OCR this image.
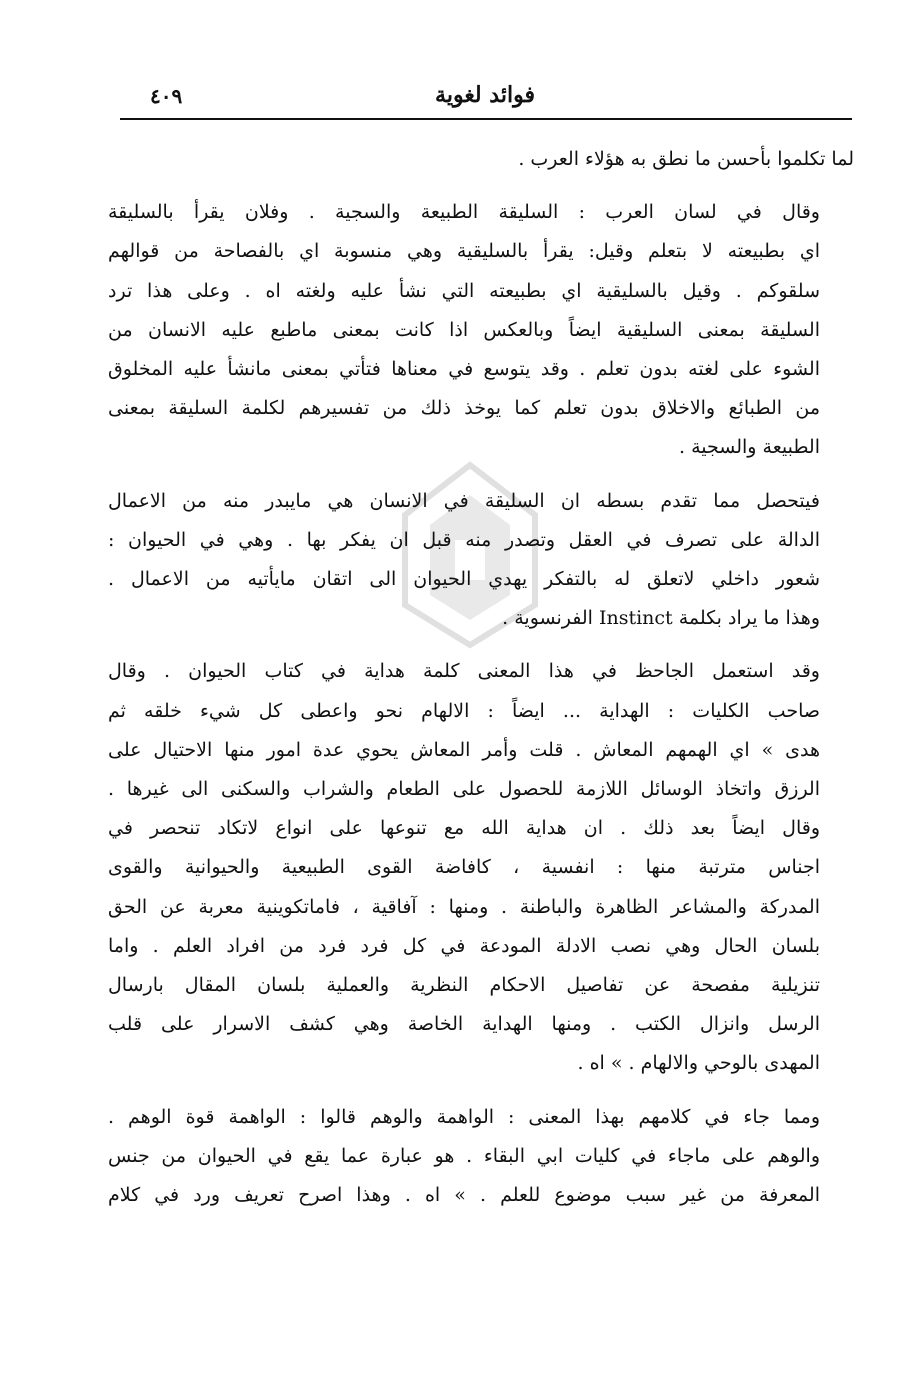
فوائد لغوية
٤٠٩
لما تكلموا بأحسن ما نطق به هؤلاء العرب .
وقال في لسان العرب : السليقة الطبيعة والسجية . وفلان يقرأ بالسليقة
اي بطبيعته لا بتعلم وقيل: يقرأ بالسليقية وهي منسوبة اي بالفصاحة من قوالهم
سلقوكم . وقيل بالسليقية اي بطبيعته التي نشأ عليه ولغته اه . وعلى هذا ترد
السليقة بمعنى السليقية ايضاً وبالعكس اذا كانت بمعنى ماطبع عليه الانسان من
الشوء على لغته بدون تعلم . وقد يتوسع في معناها فتأتي بمعنى مانشأ عليه المخلوق
من الطبائع والاخلاق بدون تعلم كما يوخذ ذلك من تفسيرهم لكلمة السليقة بمعنى
الطبيعة والسجية .
فيتحصل مما تقدم بسطه ان السليقة في الانسان هي مايبدر منه من الاعمال
الدالة على تصرف في العقل وتصدر منه قبل ان يفكر بها . وهي في الحيوان :
شعور داخلي لاتعلق له بالتفكر يهدي الحيوان الى اتقان مايأتيه من الاعمال .
وهذا ما يراد بكلمة Instinct الفرنسوية .
وقد استعمل الجاحظ في هذا المعنى كلمة هداية في كتاب الحيوان . وقال
صاحب الكليات : الهداية ... ايضاً : الالهام نحو واعطى كل شيء خلقه ثم
هدى » اي الهمهم المعاش . قلت وأمر المعاش يحوي عدة امور منها الاحتيال على
الرزق واتخاذ الوسائل اللازمة للحصول على الطعام والشراب والسكنى الى غيرها .
وقال ايضاً بعد ذلك . ان هداية الله مع تنوعها على انواع لاتكاد تنحصر في
اجناس مترتبة منها : انفسية ، كافاضة القوى الطبيعية والحيوانية والقوى
المدركة والمشاعر الظاهرة والباطنة . ومنها : آفاقية ، فاماتكوينية معربة عن الحق
بلسان الحال وهي نصب الادلة المودعة في كل فرد فرد من افراد العلم . واما
تنزيلية مفصحة عن تفاصيل الاحكام النظرية والعملية بلسان المقال بارسال
الرسل وانزال الكتب . ومنها الهداية الخاصة وهي كشف الاسرار على قلب
المهدى بالوحي والالهام . » اه .
ومما جاء في كلامهم بهذا المعنى : الواهمة والوهم قالوا : الواهمة قوة الوهم .
والوهم على ماجاء في كليات ابي البقاء . هو عبارة عما يقع في الحيوان من جنس
المعرفة من غير سبب موضوع للعلم . » اه . وهذا اصرح تعريف ورد في كلام
